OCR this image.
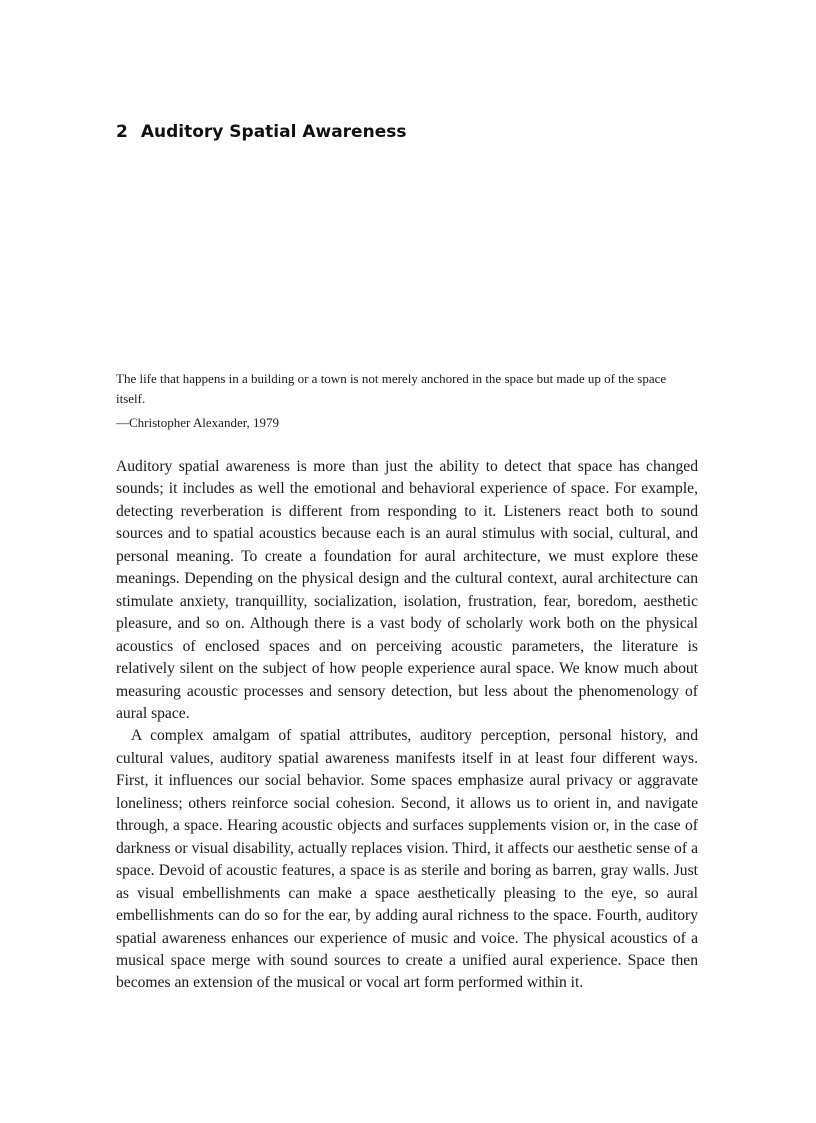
2 Auditory Spatial Awareness

The life that happens in a building or a town is not merely anchored in the space but made up of the space itself.

—Christopher Alexander, 1979

Auditory spatial awareness is more than just the ability to detect that space has changed sounds; it includes as well the emotional and behavioral experience of space. For example, detecting reverberation is different from responding to it. Listeners react both to sound sources and to spatial acoustics because each is an aural stimulus with social, cultural, and personal meaning. To create a foundation for aural architecture, we must explore these meanings. Depending on the physical design and the cultural context, aural architecture can stimulate anxiety, tranquillity, socialization, isolation, frustration, fear, boredom, aesthetic pleasure, and so on. Although there is a vast body of scholarly work both on the physical acoustics of enclosed spaces and on perceiving acoustic parameters, the literature is relatively silent on the subject of how people experience aural space. We know much about measuring acoustic processes and sensory detection, but less about the phenomenology of aural space.

A complex amalgam of spatial attributes, auditory perception, personal history, and cultural values, auditory spatial awareness manifests itself in at least four different ways. First, it influences our social behavior. Some spaces emphasize aural privacy or aggravate loneliness; others reinforce social cohesion. Second, it allows us to orient in, and navigate through, a space. Hearing acoustic objects and surfaces supplements vision or, in the case of darkness or visual disability, actually replaces vision. Third, it affects our aesthetic sense of a space. Devoid of acoustic features, a space is as sterile and boring as barren, gray walls. Just as visual embellishments can make a space aesthetically pleasing to the eye, so aural embellishments can do so for the ear, by adding aural richness to the space. Fourth, auditory spatial awareness enhances our experience of music and voice. The physical acoustics of a musical space merge with sound sources to create a unified aural experience. Space then becomes an extension of the musical or vocal art form performed within it.
